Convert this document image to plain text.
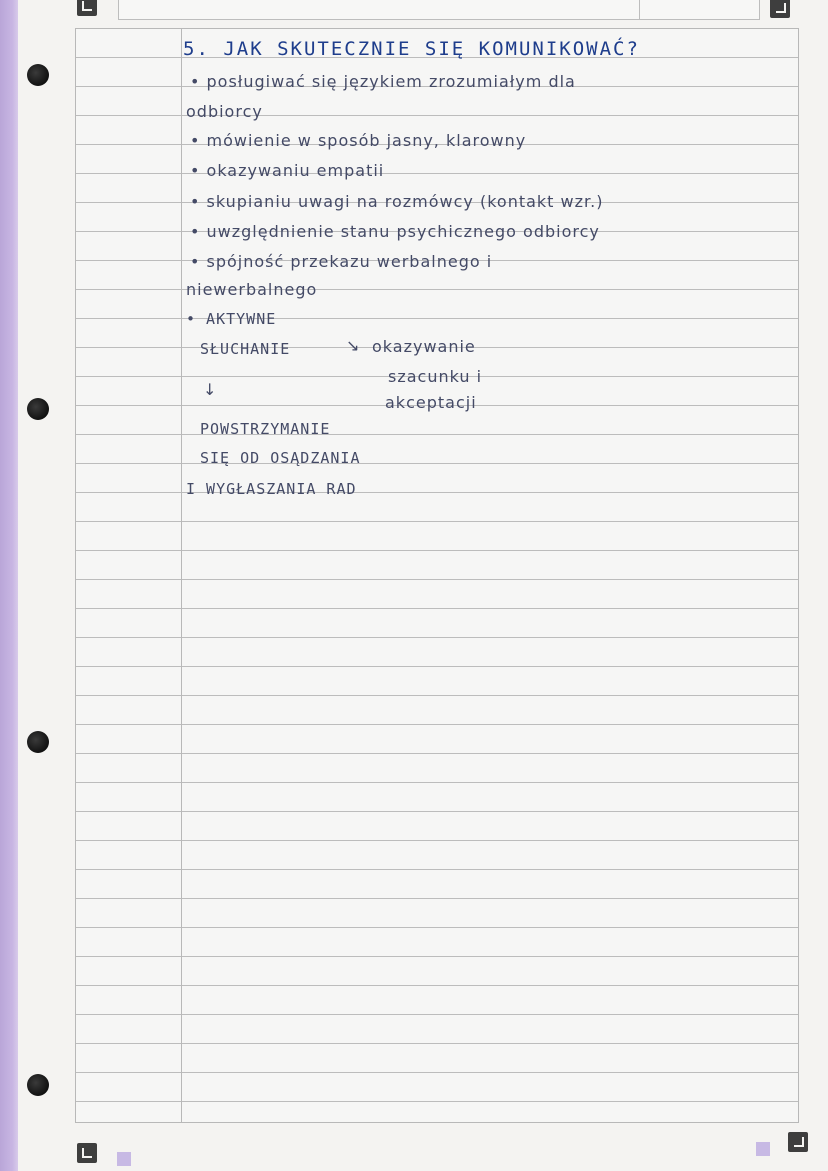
5. JAK SKUTECZNIE SIĘ KOMUNIKOWAĆ?
• posługiwać się językiem zrozumiałym dla
odbiorcy
• mówienie w sposób jasny, klarowny
• okazywaniu empatii
• skupianiu uwagi na rozmówcy (kontakt wzr.)
• uwzględnienie stanu psychicznego odbiorcy
• spójność przekazu werbalnego i
niewerbalnego
• AKTYWNE
SŁUCHANIE	↘ okazywanie
szacunku i
akceptacji
↓
POWSTRZYMANIE
SIĘ OD OSĄDZANIA
I WYGŁASZANIA RAD
